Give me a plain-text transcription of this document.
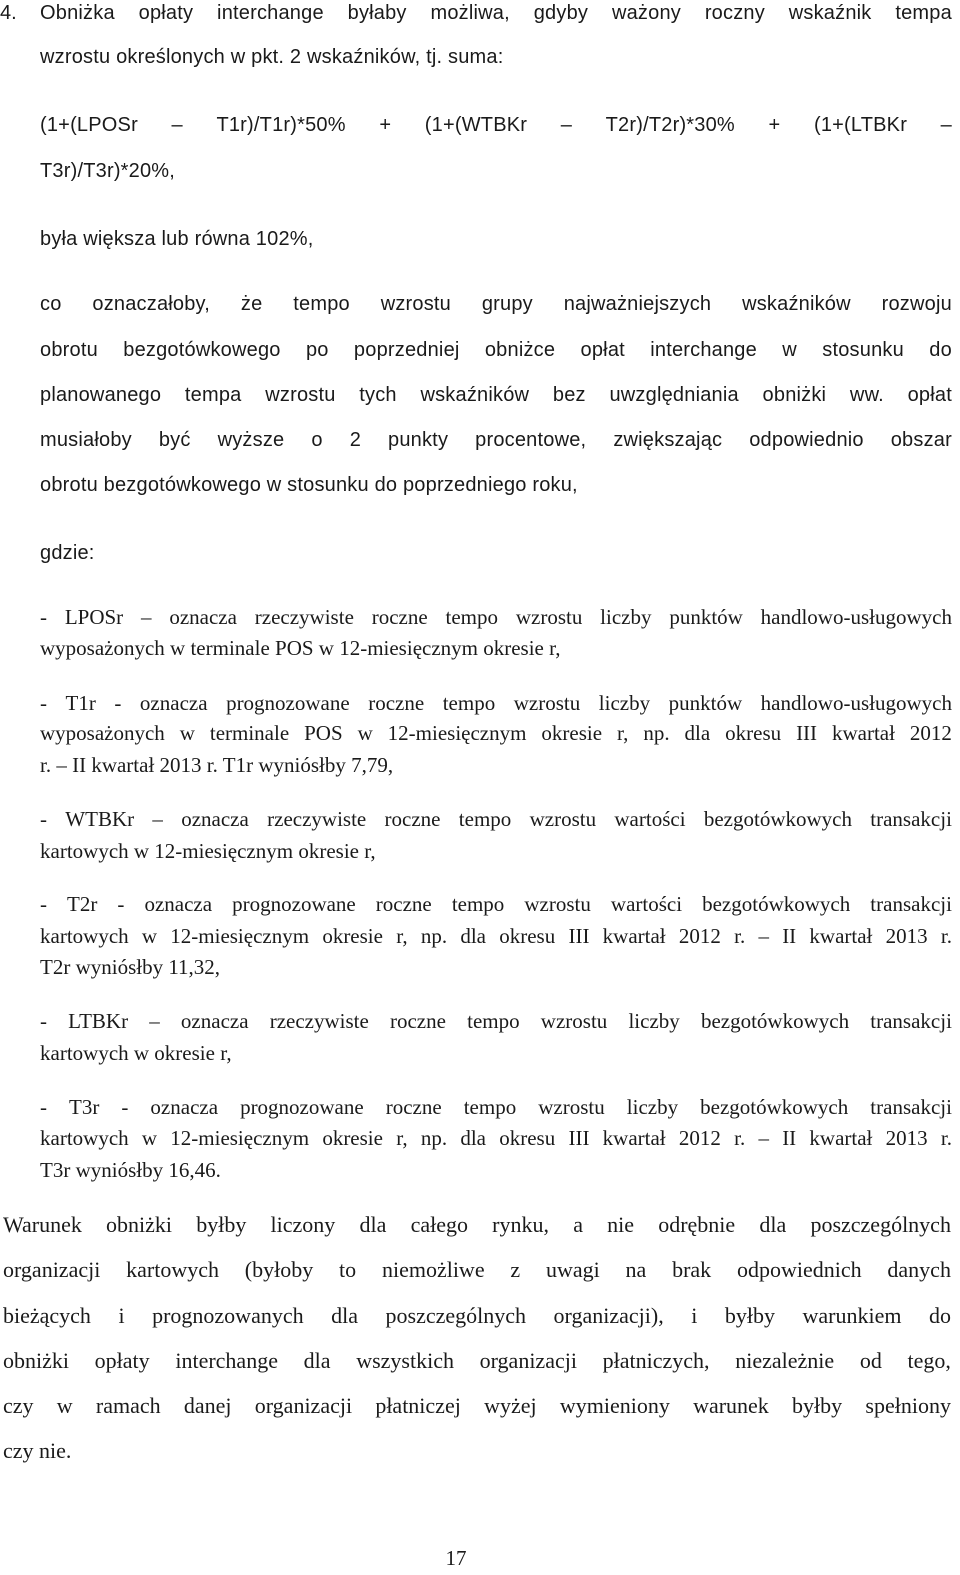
4. Obniżka opłaty interchange byłaby możliwa, gdyby ważony roczny wskaźnik tempa

wzrostu określonych w pkt. 2 wskaźników, tj. suma:

(1+(LPOSr – T1r)/T1r)*50% + (1+(WTBKr – T2r)/T2r)*30% + (1+(LTBKr –

T3r)/T3r)*20%,

była większa lub równa 102%,

co oznaczałoby, że tempo wzrostu grupy najważniejszych wskaźników rozwoju

obrotu bezgotówkowego po poprzedniej obniżce opłat interchange w stosunku do

planowanego tempa wzrostu tych wskaźników bez uwzględniania obniżki ww. opłat

musiałoby być wyższe o 2 punkty procentowe, zwiększając odpowiednio obszar

obrotu bezgotówkowego w stosunku do poprzedniego roku,

gdzie:

- LPOSr – oznacza rzeczywiste roczne tempo wzrostu liczby punktów handlowo-usługowych

wyposażonych w terminale POS w 12-miesięcznym okresie r,

- T1r - oznacza prognozowane roczne tempo wzrostu liczby punktów handlowo-usługowych

wyposażonych w terminale POS w 12-miesięcznym okresie r, np. dla okresu III kwartał 2012

r. – II kwartał 2013 r. T1r wyniósłby 7,79,

- WTBKr – oznacza rzeczywiste roczne tempo wzrostu wartości bezgotówkowych transakcji

kartowych w 12-miesięcznym okresie r,

- T2r - oznacza prognozowane roczne tempo wzrostu wartości bezgotówkowych transakcji

kartowych w 12-miesięcznym okresie r, np. dla okresu III kwartał 2012 r. – II kwartał 2013 r.

T2r wyniósłby 11,32,

- LTBKr – oznacza rzeczywiste roczne tempo wzrostu liczby bezgotówkowych transakcji

kartowych w okresie r,

- T3r - oznacza prognozowane roczne tempo wzrostu liczby bezgotówkowych transakcji

kartowych w 12-miesięcznym okresie r, np. dla okresu III kwartał 2012 r. – II kwartał 2013 r.

T3r wyniósłby 16,46.

Warunek obniżki byłby liczony dla całego rynku, a nie odrębnie dla poszczególnych

organizacji kartowych (byłoby to niemożliwe z uwagi na brak odpowiednich danych

bieżących i prognozowanych dla poszczególnych organizacji), i byłby warunkiem do

obniżki opłaty interchange dla wszystkich organizacji płatniczych, niezależnie od tego,

czy w ramach danej organizacji płatniczej wyżej wymieniony warunek byłby spełniony

czy nie.

17
